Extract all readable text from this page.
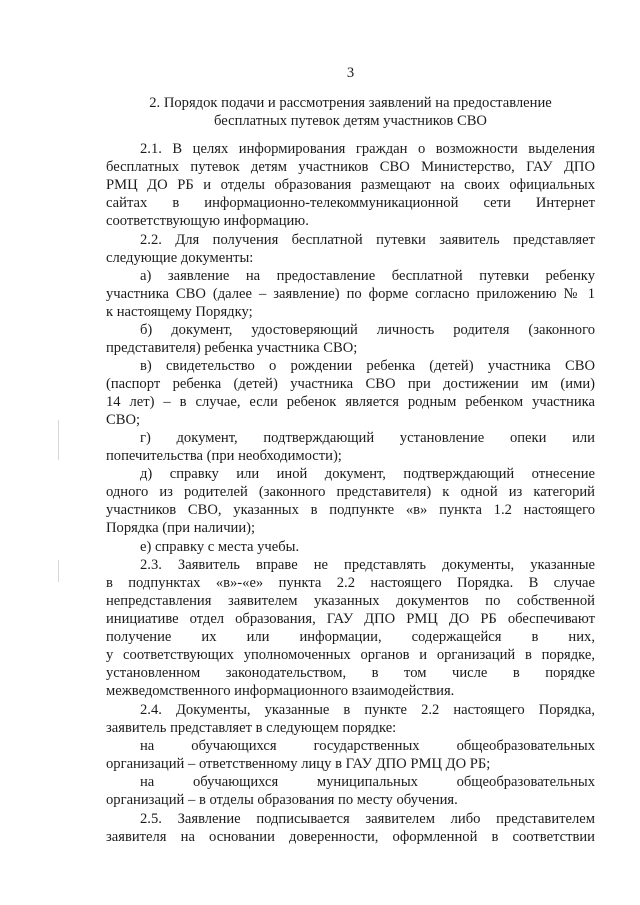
3
2. Порядок подачи и рассмотрения заявлений на предоставление
бесплатных путевок детям участников СВО
2.1. В целях информирования граждан о возможности выделения
бесплатных путевок детям участников СВО Министерство, ГАУ ДПО
РМЦ ДО РБ и отделы образования размещают на своих официальных
сайтах в информационно-телекоммуникационной сети Интернет
соответствующую информацию.
2.2. Для получения бесплатной путевки заявитель представляет
следующие документы:
а) заявление на предоставление бесплатной путевки ребенку
участника СВО (далее – заявление) по форме согласно приложению № 1
к настоящему Порядку;
б) документ, удостоверяющий личность родителя (законного
представителя) ребенка участника СВО;
в) свидетельство о рождении ребенка (детей) участника СВО
(паспорт ребенка (детей) участника СВО при достижении им (ими)
14 лет) – в случае, если ребенок является родным ребенком участника
СВО;
г) документ, подтверждающий установление опеки или
попечительства (при необходимости);
д) справку или иной документ, подтверждающий отнесение
одного из родителей (законного представителя) к одной из категорий
участников СВО, указанных в подпункте «в» пункта 1.2 настоящего
Порядка (при наличии);
е) справку с места учебы.
2.3. Заявитель вправе не представлять документы, указанные
в подпунктах «в»-«е» пункта 2.2 настоящего Порядка. В случае
непредставления заявителем указанных документов по собственной
инициативе отдел образования, ГАУ ДПО РМЦ ДО РБ обеспечивают
получение их или информации, содержащейся в них,
у соответствующих уполномоченных органов и организаций в порядке,
установленном законодательством, в том числе в порядке
межведомственного информационного взаимодействия.
2.4. Документы, указанные в пункте 2.2 настоящего Порядка,
заявитель представляет в следующем порядке:
на обучающихся государственных общеобразовательных
организаций – ответственному лицу в ГАУ ДПО РМЦ ДО РБ;
на обучающихся муниципальных общеобразовательных
организаций – в отделы образования по месту обучения.
2.5. Заявление подписывается заявителем либо представителем
заявителя на основании доверенности, оформленной в соответствии
